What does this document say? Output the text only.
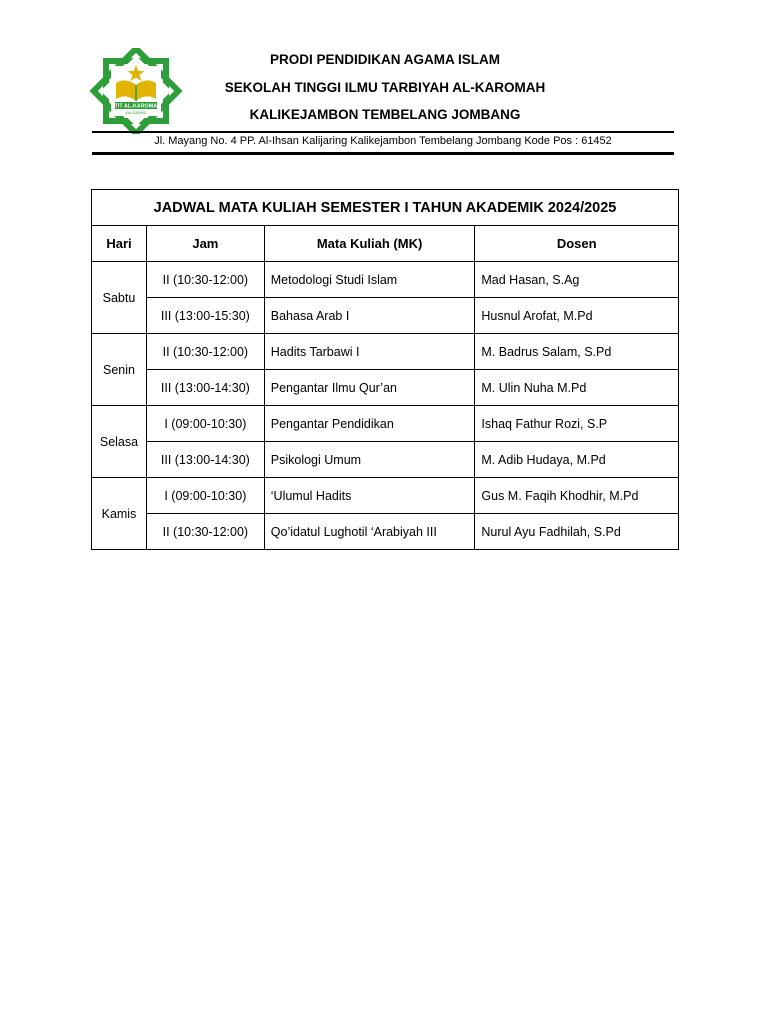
STIT AL-KAROMAH
KALIJARING
PRODI PENDIDIKAN AGAMA ISLAM
SEKOLAH TINGGI ILMU TARBIYAH AL-KAROMAH
KALIKEJAMBON TEMBELANG JOMBANG
Jl. Mayang No. 4 PP. Al-Ihsan Kalijaring Kalikejambon Tembelang Jombang Kode Pos : 61452
JADWAL MATA KULIAH SEMESTER I TAHUN AKADEMIK 2024/2025			
Hari	Jam	Mata Kuliah (MK)	Dosen
Sabtu	II (10:30-12:00)	Metodologi Studi Islam	Mad Hasan, S.Ag
	III (13:00-15:30)	Bahasa Arab I	Husnul Arofat, M.Pd
Senin	II (10:30-12:00)	Hadits Tarbawi I	M. Badrus Salam, S.Pd
	III (13:00-14:30)	Pengantar Ilmu Qur’an	M. Ulin Nuha M.Pd
Selasa	I (09:00-10:30)	Pengantar Pendidikan	Ishaq Fathur Rozi, S.P
	III (13:00-14:30)	Psikologi Umum	M. Adib Hudaya, M.Pd
Kamis	I (09:00-10:30)	‘Ulumul Hadits	Gus M. Faqih Khodhir, M.Pd
	II (10:30-12:00)	Qo’idatul Lughotil ‘Arabiyah III	Nurul Ayu Fadhilah, S.Pd
